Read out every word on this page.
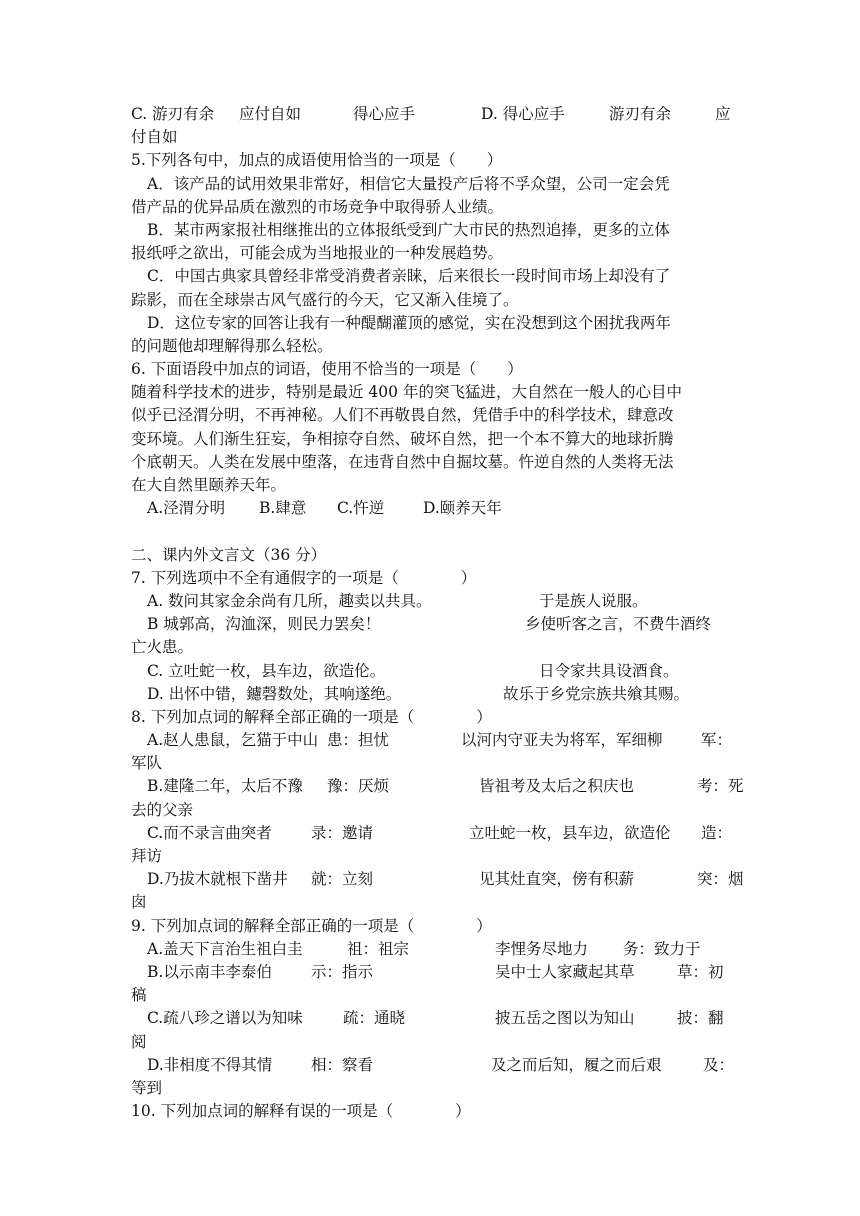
C. 游刃有余 应付自如	得心应手	D. 得心应手	游刃有余	应
付自如
5.下列各句中，加点的成语使用恰当的一项是（　　）
A．该产品的试用效果非常好，相信它大量投产后将不孚众望，公司一定会凭
借产品的优异品质在激烈的市场竞争中取得骄人业绩。
B．某市两家报社相继推出的立体报纸受到广大市民的热烈追捧，更多的立体
报纸呼之欲出，可能会成为当地报业的一种发展趋势。
C．中国古典家具曾经非常受消费者亲睐，后来很长一段时间市场上却没有了
踪影，而在全球崇古风气盛行的今天，它又渐入佳境了。
D．这位专家的回答让我有一种醍醐灌顶的感觉，实在没想到这个困扰我两年
的问题他却理解得那么轻松。
6. 下面语段中加点的词语，使用不恰当的一项是（　　）
随着科学技术的进步，特别是最近 400 年的突飞猛进，大自然在一般人的心目中
似乎已泾渭分明，不再神秘。人们不再敬畏自然，凭借手中的科学技术，肆意改
变环境。人们渐生狂妄，争相掠夺自然、破坏自然，把一个本不算大的地球折腾
个底朝天。人类在发展中堕落，在违背自然中自掘坟墓。忤逆自然的人类将无法
在大自然里颐养天年。
A.泾渭分明 B.肆意 C.忤逆	D.颐养天年
二、课内外文言文（36 分）
7. 下列选项中不全有通假字的一项是（　　　　）
A. 数问其家金余尚有几所，趣卖以共具。	于是族人说服。
B 城郭高，沟洫深，则民力罢矣！	乡使听客之言，不费牛酒终
亡火患。
C. 立吐蛇一枚，县车边，欲造伦。	日令家共具设酒食。
D. 出怀中错，鑢磬数处，其响遂绝。	故乐于乡党宗族共飨其赐。
8. 下列加点词的解释全部正确的一项是（　　　　）
A.赵人患鼠，乞猫于中山 患：担忧	以河内守亚夫为将军，军细柳 军：
军队
B.建隆二年，太后不豫 豫：厌烦	皆祖考及太后之积庆也	考：死
去的父亲
C.而不录言曲突者	录：邀请	立吐蛇一枚，县车边，欲造伦 造：
拜访
D.乃拔木就根下凿井 就：立刻	见其灶直突，傍有积薪	突：烟
囱
9. 下列加点词的解释全部正确的一项是（　　　　）
A.盖天下言治生祖白圭	祖：祖宗	李悝务尽地力 务：致力于
B.以示南丰李泰伯	示：指示	吴中士人家藏起其草	草：初
稿
C.疏八珍之谱以为知味	疏：通晓	披五岳之图以为知山	披：翻
阅
D.非相度不得其情 相：察看	及之而后知，履之而后艰	及：
等到
10. 下列加点词的解释有误的一项是（　　　　）
